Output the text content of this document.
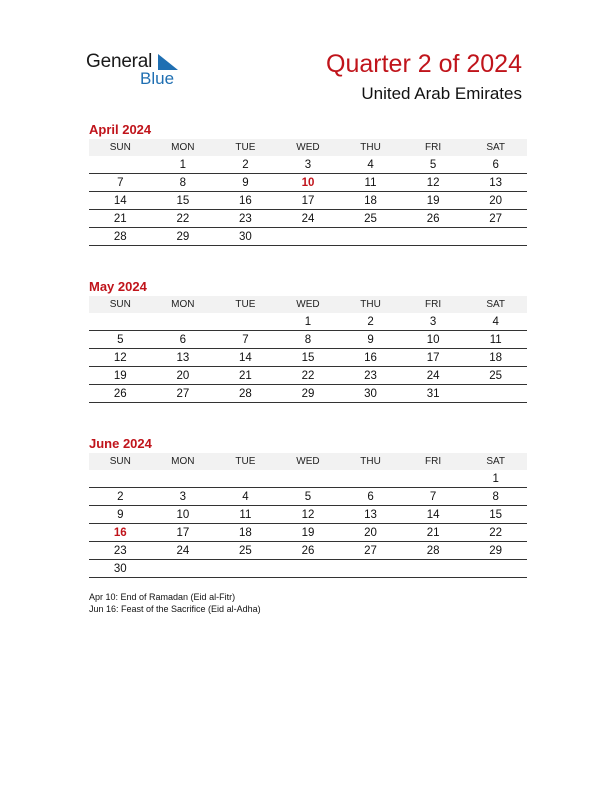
General
Blue
Quarter 2 of 2024
United Arab Emirates
April 2024
SUN	MON	TUE	WED	THU	FRI	SAT
	1	2	3	4	5	6
7	8	9	10	11	12	13
14	15	16	17	18	19	20
21	22	23	24	25	26	27
28	29	30				
May 2024
SUN	MON	TUE	WED	THU	FRI	SAT
			1	2	3	4
5	6	7	8	9	10	11
12	13	14	15	16	17	18
19	20	21	22	23	24	25
26	27	28	29	30	31	
June 2024
SUN	MON	TUE	WED	THU	FRI	SAT
						1
2	3	4	5	6	7	8
9	10	11	12	13	14	15
16	17	18	19	20	21	22
23	24	25	26	27	28	29
30						
Apr 10: End of Ramadan (Eid al-Fitr)
Jun 16: Feast of the Sacrifice (Eid al-Adha)
